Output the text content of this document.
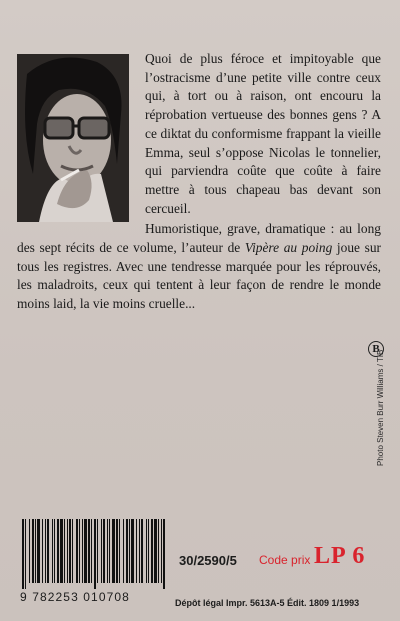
Quoi de plus féroce et impitoyable que l’ostracisme d’une petite ville contre ceux qui, à tort ou à raison, ont encouru la réprobation vertueuse des bonnes gens ? A ce diktat du conformisme frappant la vieille Emma, seul s’oppose Nicolas le tonnelier, qui parviendra coûte que coûte à faire mettre à tous chapeau bas devant son cercueil.

Humoristique, grave, dramatique : au long des sept récits de ce volume, l’auteur de Vipère au poing joue sur tous les registres. Avec une tendresse marquée pour les réprouvés, les maladroits, ceux qui tentent à leur façon de rendre le monde moins laid, la vie moins cruelle...

B
Photo Steven Burr Williams / TIB
9 782253 010708
30/2590/5 Code prix LP 6
Dépôt légal Impr. 5613A-5 Édit. 1809 1/1993
